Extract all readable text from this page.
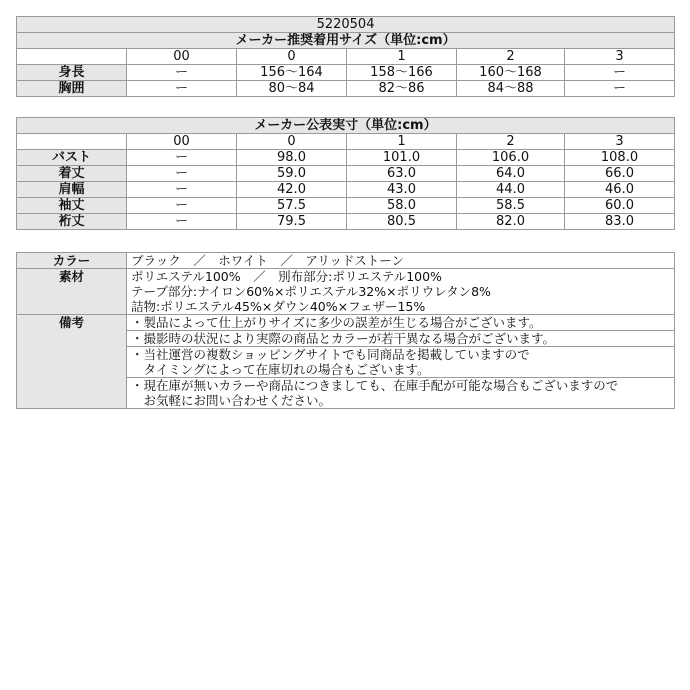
5220504					
メーカー推奨着用サイズ（単位:cm）					
	00	0	1	2	3
身長	ー	156〜164	158〜166	160〜168	ー
胸囲	ー	80〜84	82〜86	84〜88	ー
メーカー公表実寸（単位:cm）					
	00	0	1	2	3
バスト	ー	98.0	101.0	106.0	108.0
着丈	ー	59.0	63.0	64.0	66.0
肩幅	ー	42.0	43.0	44.0	46.0
袖丈	ー	57.5	58.0	58.5	60.0
裄丈	ー	79.5	80.5	82.0	83.0
カラー	ブラック　／　ホワイト　／　アリッドストーン
素材	ポリエステル100%　／　別布部分:ポリエステル100%
テープ部分:ナイロン60%×ポリエステル32%×ポリウレタン8%
詰物:ポリエステル45%×ダウン40%×フェザー15%

備考	・製品によって仕上がりサイズに多少の誤差が生じる場合がございます。

	・撮影時の状況により実際の商品とカラーが若干異なる場合がございます。

	・当社運営の複数ショッピングサイトでも同商品を掲載していますので
　タイミングによって在庫切れの場合もございます。

	・現在庫が無いカラーや商品につきましても、在庫手配が可能な場合もございますので
　お気軽にお問い合わせください。
